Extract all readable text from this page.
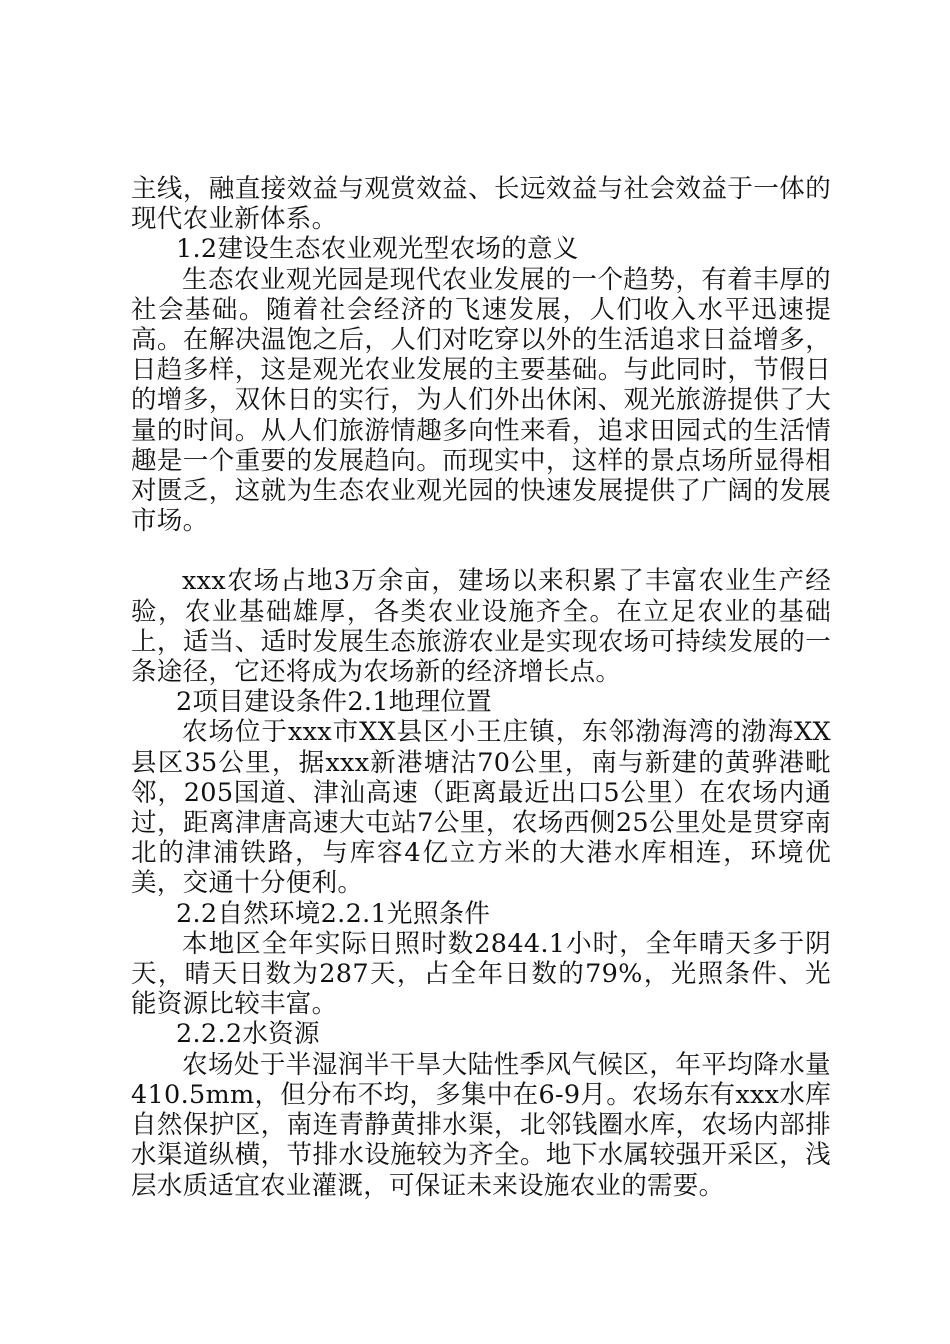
主线，融直接效益与观赏效益、长远效益与社会效益于一体的现代农业新体系。

1.2建设生态农业观光型农场的意义

生态农业观光园是现代农业发展的一个趋势，有着丰厚的社会基础。随着社会经济的飞速发展，人们收入水平迅速提高。在解决温饱之后，人们对吃穿以外的生活追求日益增多，日趋多样，这是观光农业发展的主要基础。与此同时，节假日的增多，双休日的实行，为人们外出休闲、观光旅游提供了大量的时间。从人们旅游情趣多向性来看，追求田园式的生活情趣是一个重要的发展趋向。而现实中，这样的景点场所显得相对匮乏，这就为生态农业观光园的快速发展提供了广阔的发展市场。

xxx农场占地3万余亩，建场以来积累了丰富农业生产经验，农业基础雄厚，各类农业设施齐全。在立足农业的基础上，适当、适时发展生态旅游农业是实现农场可持续发展的一条途径，它还将成为农场新的经济增长点。

2项目建设条件2.1地理位置

农场位于xxx市XX县区小王庄镇，东邻渤海湾的渤海XX县区35公里，据xxx新港塘沽70公里，南与新建的黄骅港毗邻，205国道、津汕高速（距离最近出口5公里）在农场内通过，距离津唐高速大屯站7公里，农场西侧25公里处是贯穿南北的津浦铁路，与库容4亿立方米的大港水库相连，环境优美，交通十分便利。

2.2自然环境2.2.1光照条件

本地区全年实际日照时数2844.1小时，全年晴天多于阴天，晴天日数为287天，占全年日数的79%，光照条件、光能资源比较丰富。

2.2.2水资源

农场处于半湿润半干旱大陆性季风气候区，年平均降水量410.5mm，但分布不均，多集中在6-9月。农场东有xxx水库自然保护区，南连青静黄排水渠，北邻钱圈水库，农场内部排水渠道纵横，节排水设施较为齐全。地下水属较强开采区，浅层水质适宜农业灌溉，可保证未来设施农业的需要。
